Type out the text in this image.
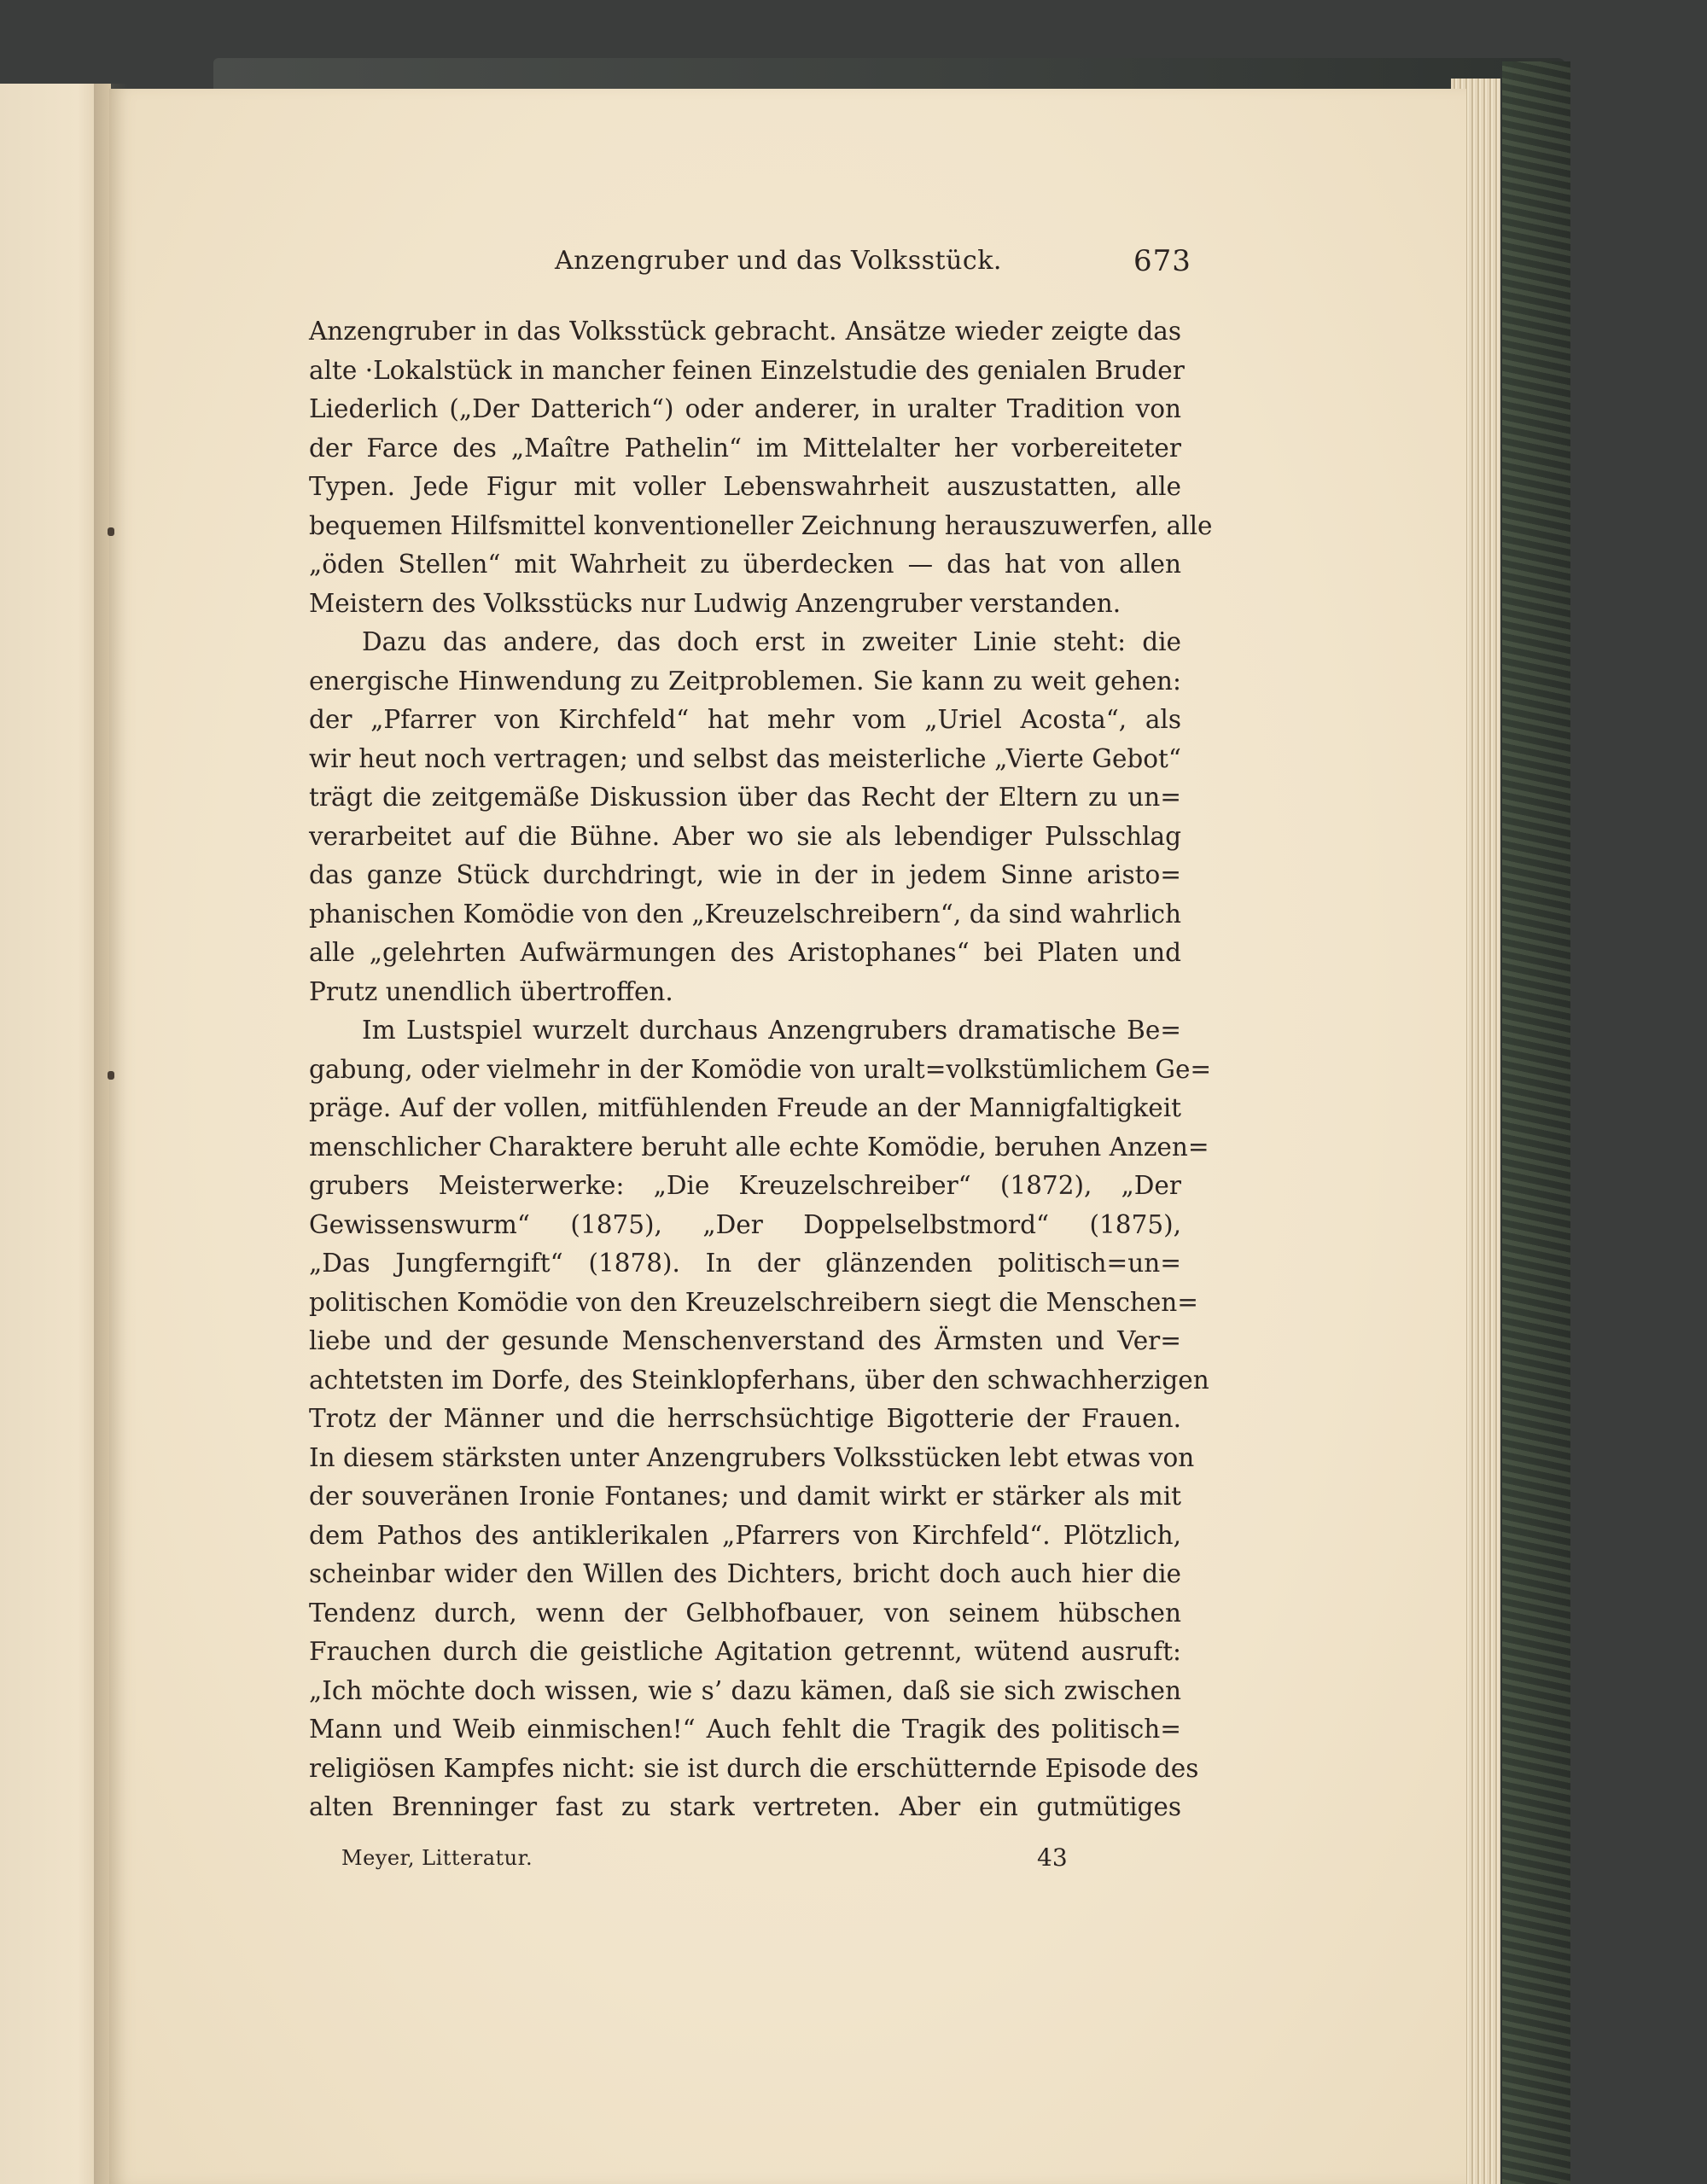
Anzengruber und das Volksstück.	673
Anzengruber in das Volksstück gebracht. Ansätze wieder zeigte das
alte ·Lokalstück in mancher feinen Einzelstudie des genialen Bruder
Liederlich („Der Datterich“) oder anderer, in uralter Tradition von
der Farce des „Maître Pathelin“ im Mittelalter her vorbereiteter
Typen. Jede Figur mit voller Lebenswahrheit auszustatten, alle
bequemen Hilfsmittel konventioneller Zeichnung herauszuwerfen, alle
„öden Stellen“ mit Wahrheit zu überdecken — das hat von allen
Meistern des Volksstücks nur Ludwig Anzengruber verstanden.
Dazu das andere, das doch erst in zweiter Linie steht: die
energische Hinwendung zu Zeitproblemen. Sie kann zu weit gehen:
der „Pfarrer von Kirchfeld“ hat mehr vom „Uriel Acosta“, als
wir heut noch vertragen; und selbst das meisterliche „Vierte Gebot“
trägt die zeitgemäße Diskussion über das Recht der Eltern zu un=
verarbeitet auf die Bühne. Aber wo sie als lebendiger Pulsschlag
das ganze Stück durchdringt, wie in der in jedem Sinne aristo=
phanischen Komödie von den „Kreuzelschreibern“, da sind wahrlich
alle „gelehrten Aufwärmungen des Aristophanes“ bei Platen und
Prutz unendlich übertroffen.
Im Lustspiel wurzelt durchaus Anzengrubers dramatische Be=
gabung, oder vielmehr in der Komödie von uralt=volkstümlichem Ge=
präge. Auf der vollen, mitfühlenden Freude an der Mannigfaltigkeit
menschlicher Charaktere beruht alle echte Komödie, beruhen Anzen=
grubers Meisterwerke: „Die Kreuzelschreiber“ (1872), „Der
Gewissenswurm“ (1875), „Der Doppelselbstmord“ (1875),
„Das Jungferngift“ (1878). In der glänzenden politisch=un=
politischen Komödie von den Kreuzelschreibern siegt die Menschen=
liebe und der gesunde Menschenverstand des Ärmsten und Ver=
achtetsten im Dorfe, des Steinklopferhans, über den schwachherzigen
Trotz der Männer und die herrschsüchtige Bigotterie der Frauen.
In diesem stärksten unter Anzengrubers Volksstücken lebt etwas von
der souveränen Ironie Fontanes; und damit wirkt er stärker als mit
dem Pathos des antiklerikalen „Pfarrers von Kirchfeld“. Plötzlich,
scheinbar wider den Willen des Dichters, bricht doch auch hier die
Tendenz durch, wenn der Gelbhofbauer, von seinem hübschen
Frauchen durch die geistliche Agitation getrennt, wütend ausruft:
„Ich möchte doch wissen, wie s’ dazu kämen, daß sie sich zwischen
Mann und Weib einmischen!“ Auch fehlt die Tragik des politisch=
religiösen Kampfes nicht: sie ist durch die erschütternde Episode des
alten Brenninger fast zu stark vertreten. Aber ein gutmütiges
Meyer, Litteratur.	43
